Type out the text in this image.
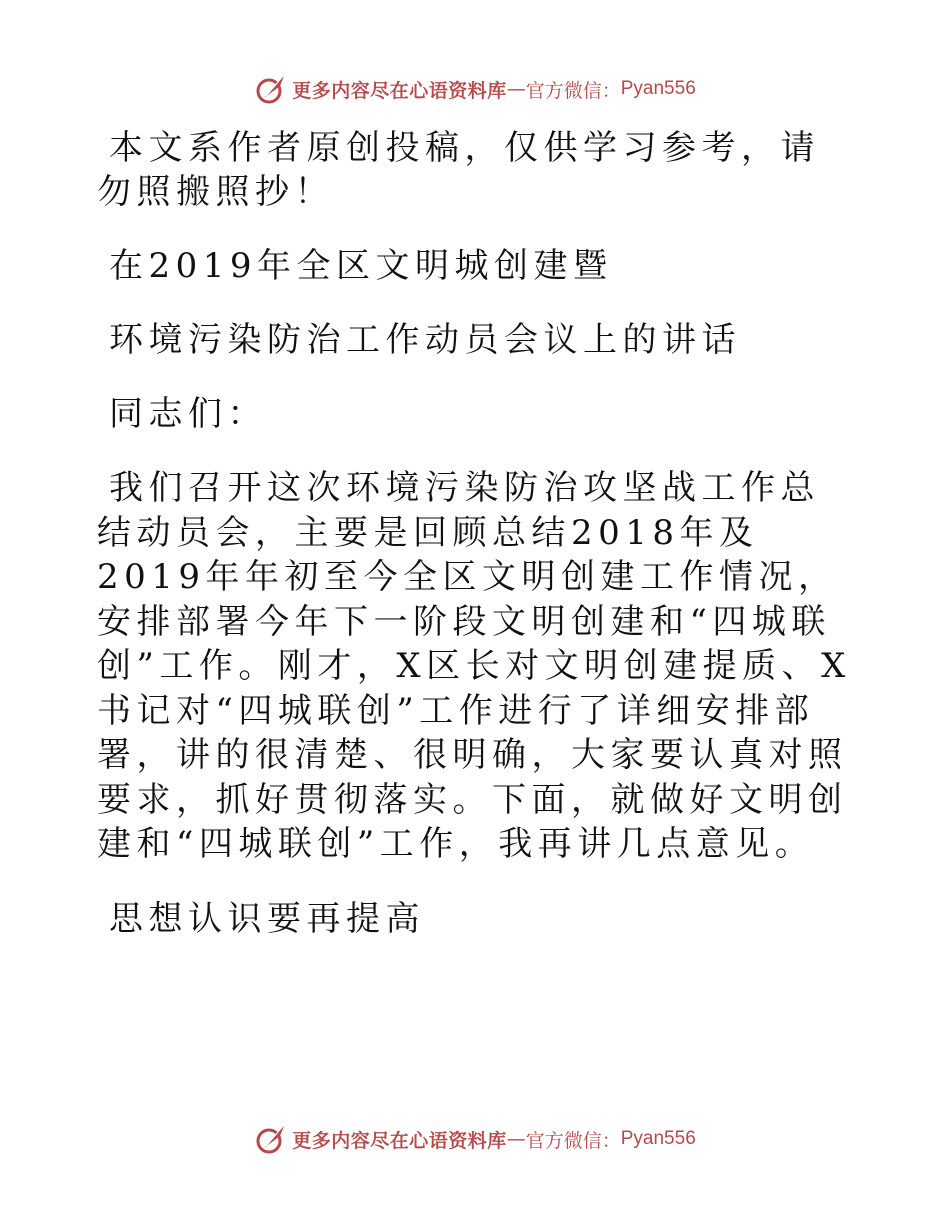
更多内容尽在心语资料库 — 官方微信： Pyan556

本文系作者原创投稿，仅供学习参考，请勿照搬照抄！

在2019年全区文明城创建暨

环境污染防治工作动员会议上的讲话

同志们：

我们召开这次环境污染防治攻坚战工作总结动员会，主要是回顾总结2018年及2019年年初至今全区文明创建工作情况，安排部署今年下一阶段文明创建和“四城联创”工作。刚才，X区长对文明创建提质、X书记对“四城联创”工作进行了详细安排部署，讲的很清楚、很明确，大家要认真对照要求，抓好贯彻落实。下面，就做好文明创建和“四城联创”工作，我再讲几点意见。

思想认识要再提高

更多内容尽在心语资料库 — 官方微信： Pyan556
